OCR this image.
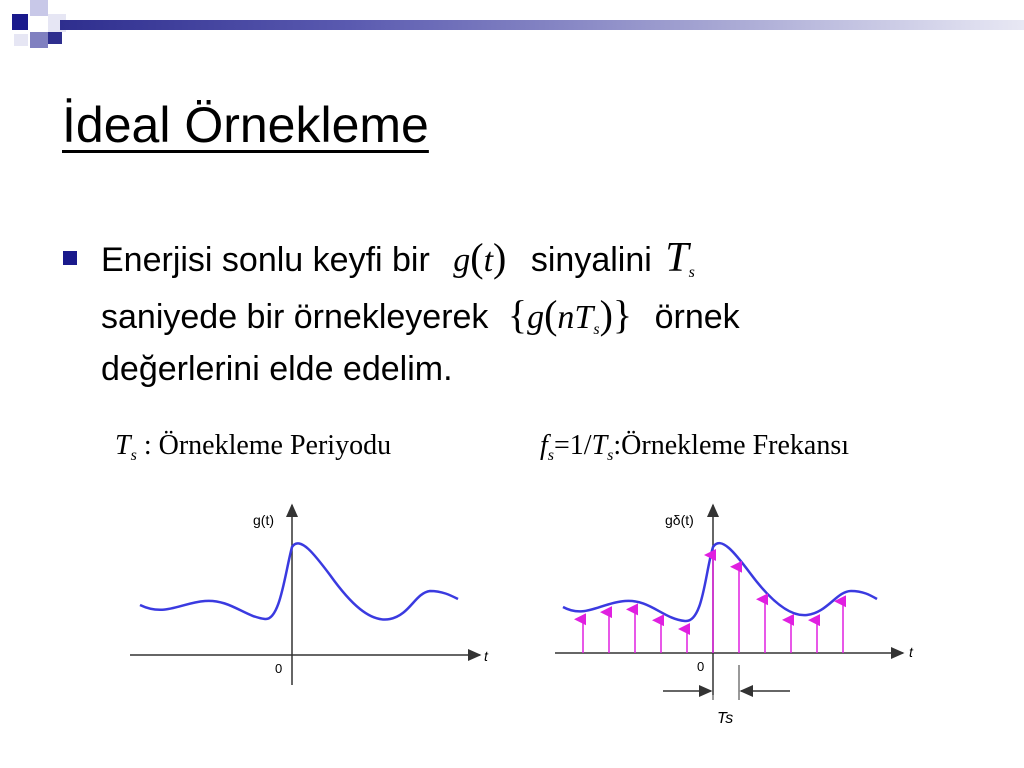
İdeal Örnekleme
Enerjisi sonlu keyfi bir g(t) sinyalini $T_s$
saniyede bir örnekleyerek $\{g(nT_s)\}$ örnek
değerlerini elde edelim.
$T_s$ : Örnekleme Periyodu	$f_s=1/T_s:Örnekleme$ Frekansı
g(t)
t
0
gδ(t)
t
0
Ts
